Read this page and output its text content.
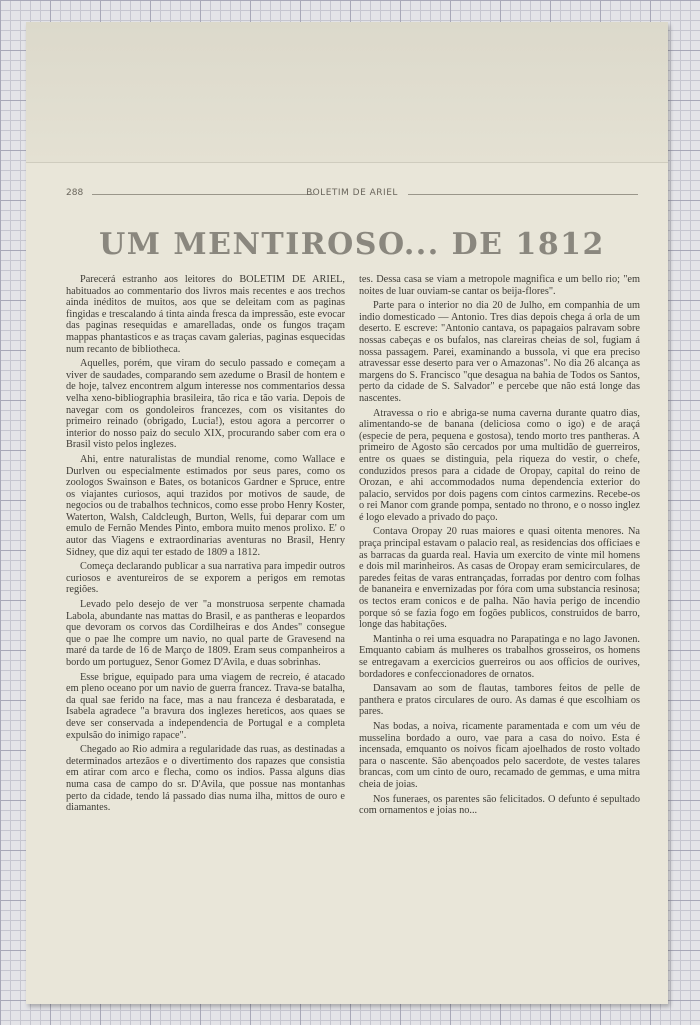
288	BOLETIM DE ARIEL
UM MENTIROSO... DE 1812

Parecerá estranho aos leitores do BOLETIM DE ARIEL, habituados ao commentario dos livros mais recentes e aos trechos ainda inéditos de muitos, aos que se deleitam com as paginas fingidas e trescalando á tinta ainda fresca da impressão, este evocar das paginas resequidas e amarelladas, onde os fungos traçam mappas phantasticos e as traças cavam galerias, paginas esquecidas num recanto de bibliotheca.

Aquelles, porém, que viram do seculo passado e começam a viver de saudades, comparando sem azedume o Brasil de hontem e de hoje, talvez encontrem algum interesse nos commentarios dessa velha xeno-bibliographia brasileira, tão rica e tão varia. Depois de navegar com os gondoleiros francezes, com os visitantes do primeiro reinado (obrigado, Lucia!), estou agora a percorrer o interior do nosso paiz do seculo XIX, procurando saber com era o Brasil visto pelos inglezes.

Ahi, entre naturalistas de mundial renome, como Wallace e Durlven ou especialmente estimados por seus pares, como os zoologos Swainson e Bates, os botanicos Gardner e Spruce, entre os viajantes curiosos, aqui trazidos por motivos de saude, de negocios ou de trabalhos technicos, como esse probo Henry Koster, Waterton, Walsh, Caldcleugh, Burton, Wells, fui deparar com um emulo de Fernão Mendes Pinto, embora muito menos prolixo. E' o autor das Viagens e extraordinarias aventuras no Brasil, Henry Sidney, que diz aqui ter estado de 1809 a 1812.

Começa declarando publicar a sua narrativa para impedir outros curiosos e aventureiros de se exporem a perigos em remotas regiões.

Levado pelo desejo de ver "a monstruosa serpente chamada Labola, abundante nas mattas do Brasil, e as pantheras e leopardos que devoram os corvos das Cordilheiras e dos Andes" consegue que o pae lhe compre um navio, no qual parte de Gravesend na maré da tarde de 16 de Março de 1809. Eram seus companheiros a bordo um portuguez, Senor Gomez D'Avila, e duas sobrinhas.

Esse brigue, equipado para uma viagem de recreio, é atacado em pleno oceano por um navio de guerra francez. Trava-se batalha, da qual sae ferido na face, mas a nau franceza é desbaratada, e Isabela agradece "a bravura dos inglezes hereticos, aos quaes se deve ser conservada a independencia de Portugal e a completa expulsão do inimigo rapace".

Chegado ao Rio admira a regularidade das ruas, as destinadas a determinados artezãos e o divertimento dos rapazes que consistia em atirar com arco e flecha, como os indios. Passa alguns dias numa casa de campo do sr. D'Avila, que possue nas montanhas perto da cidade, tendo lá passado dias numa ilha, mittos de ouro e diamantes.

tes. Dessa casa se viam a metropole magnifica e um bello rio; "em noites de luar ouviam-se cantar os beija-flores".

Parte para o interior no dia 20 de Julho, em companhia de um indio domesticado — Antonio. Tres dias depois chega á orla de um deserto. E escreve: "Antonio cantava, os papagaios palravam sobre nossas cabeças e os bufalos, nas clareiras cheias de sol, fugiam á nossa passagem. Parei, examinando a bussola, vi que era preciso atravessar esse deserto para ver o Amazonas". No dia 26 alcança as margens do S. Francisco "que desagua na bahia de Todos os Santos, perto da cidade de S. Salvador" e percebe que não está longe das nascentes.

Atravessa o rio e abriga-se numa caverna durante quatro dias, alimentando-se de banana (deliciosa como o igo) e de araçá (especie de pera, pequena e gostosa), tendo morto tres pantheras. A primeiro de Agosto são cercados por uma multidão de guerreiros, entre os quaes se distinguia, pela riqueza do vestir, o chefe, conduzidos presos para a cidade de Oropay, capital do reino de Orozan, e ahi accommodados numa dependencia exterior do palacio, servidos por dois pagens com cintos carmezins. Recebe-os o rei Manor com grande pompa, sentado no throno, e o nosso inglez é logo elevado a privado do paço.

Contava Oropay 20 ruas maiores e quasi oitenta menores. Na praça principal estavam o palacio real, as residencias dos officiaes e as barracas da guarda real. Havia um exercito de vinte mil homens e dois mil marinheiros. As casas de Oropay eram semicirculares, de paredes feitas de varas entrançadas, forradas por dentro com folhas de bananeira e envernizadas por fóra com uma substancia resinosa; os tectos eram conicos e de palha. Não havia perigo de incendio porque só se fazia fogo em fogões publicos, construidos de barro, longe das habitações.

Mantinha o rei uma esquadra no Parapatinga e no lago Javonen. Emquanto cabiam ás mulheres os trabalhos grosseiros, os homens se entregavam a exercicios guerreiros ou aos officios de ourives, bordadores e confeccionadores de ornatos.

Dansavam ao som de flautas, tambores feitos de pelle de panthera e pratos circulares de ouro. As damas é que escolhiam os pares.

Nas bodas, a noiva, ricamente paramentada e com um véu de musselina bordado a ouro, vae para a casa do noivo. Esta é incensada, emquanto os noivos ficam ajoelhados de rosto voltado para o nascente. São abençoados pelo sacerdote, de vestes talares brancas, com um cinto de ouro, recamado de gemmas, e uma mitra cheia de joias.

Nos funeraes, os parentes são felicitados. O defunto é sepultado com ornamentos e joias no...
